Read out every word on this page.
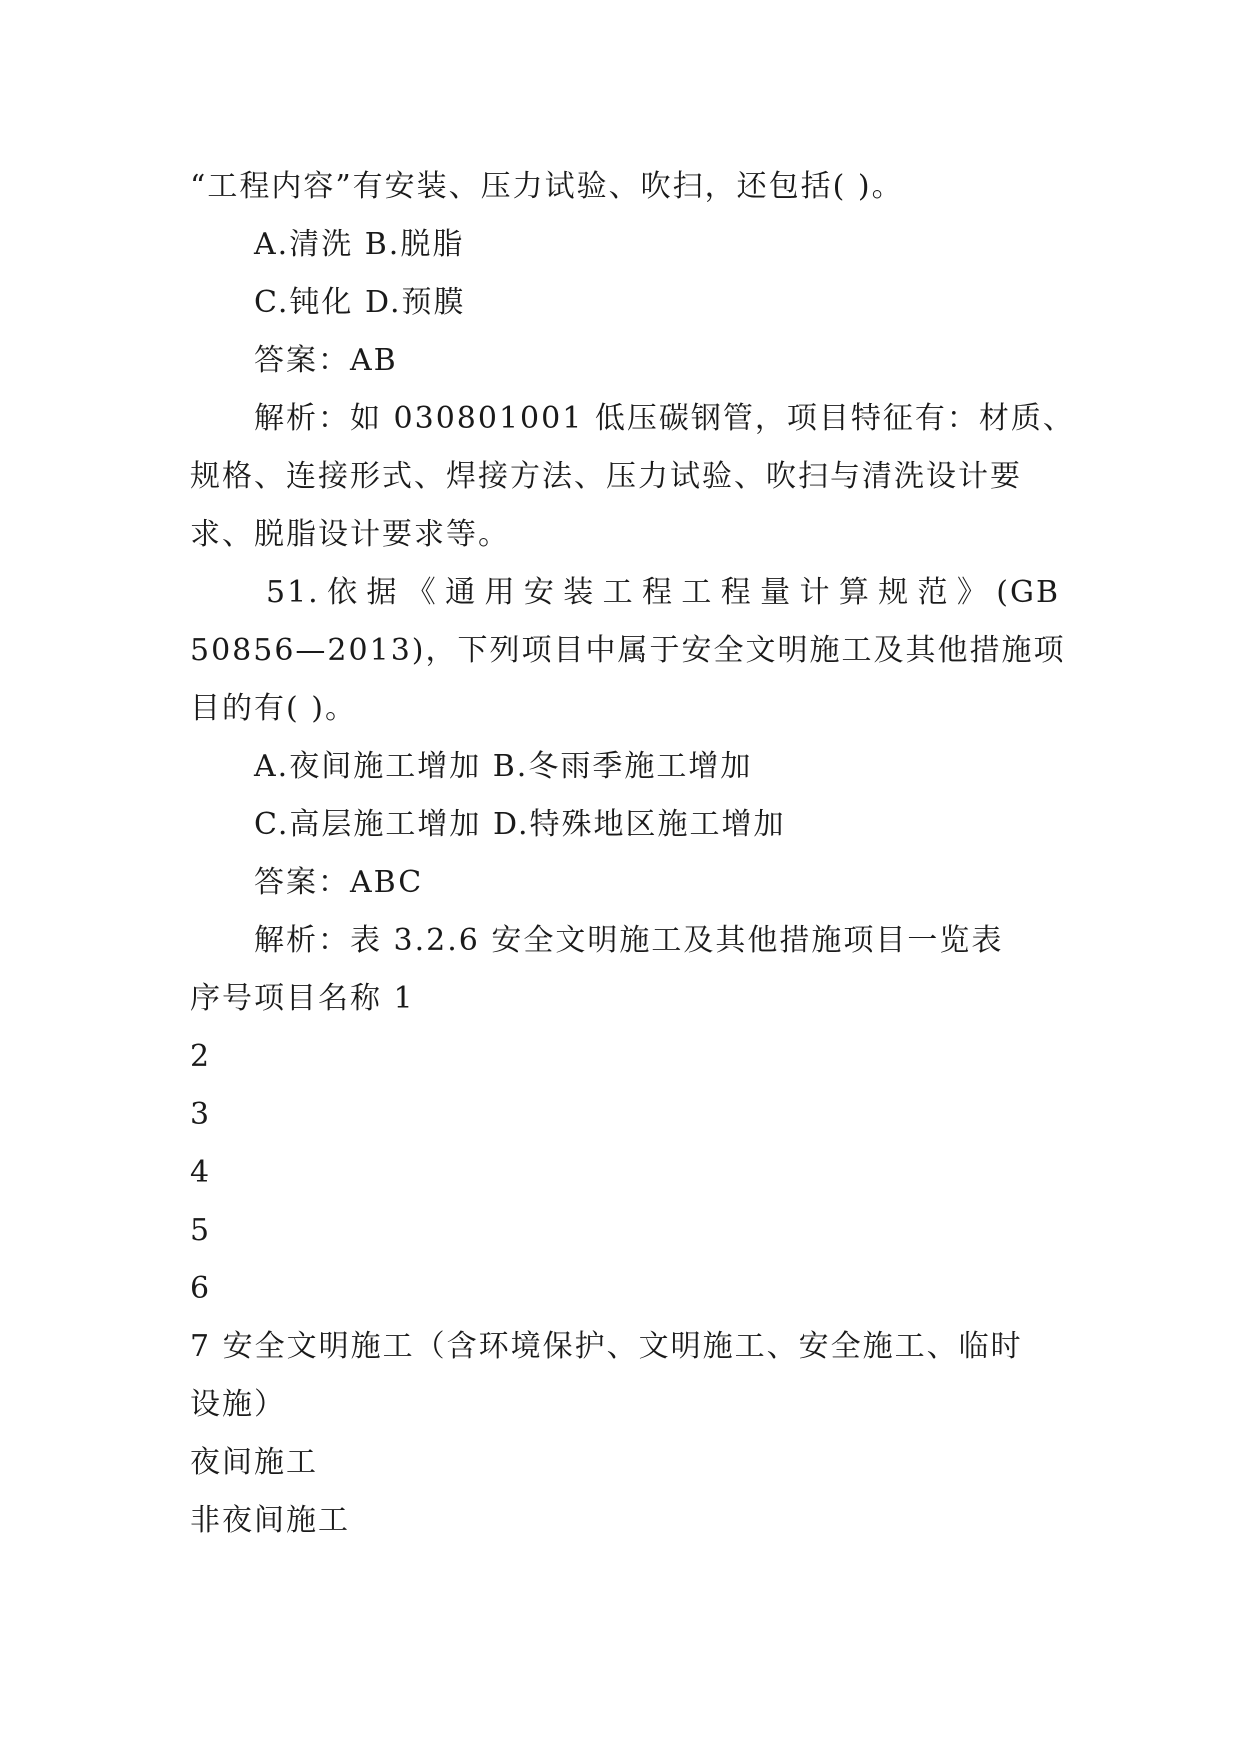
“工程内容”有安装、压力试验、吹扫，还包括( )。
A.清洗 B.脱脂
C.钝化 D.预膜
答案：AB
解析：如 030801001 低压碳钢管，项目特征有：材质、
规格、连接形式、焊接方法、压力试验、吹扫与清洗设计要
求、脱脂设计要求等。
51.依据《通用安装工程工程量计算规范》(GB
50856—2013)，下列项目中属于安全文明施工及其他措施项
目的有( )。
A.夜间施工增加 B.冬雨季施工增加
C.高层施工增加 D.特殊地区施工增加
答案：ABC
解析：表 3.2.6 安全文明施工及其他措施项目一览表
序号项目名称 1
2
3
4
5
6
7 安全文明施工（含环境保护、文明施工、安全施工、临时
设施）
夜间施工
非夜间施工
